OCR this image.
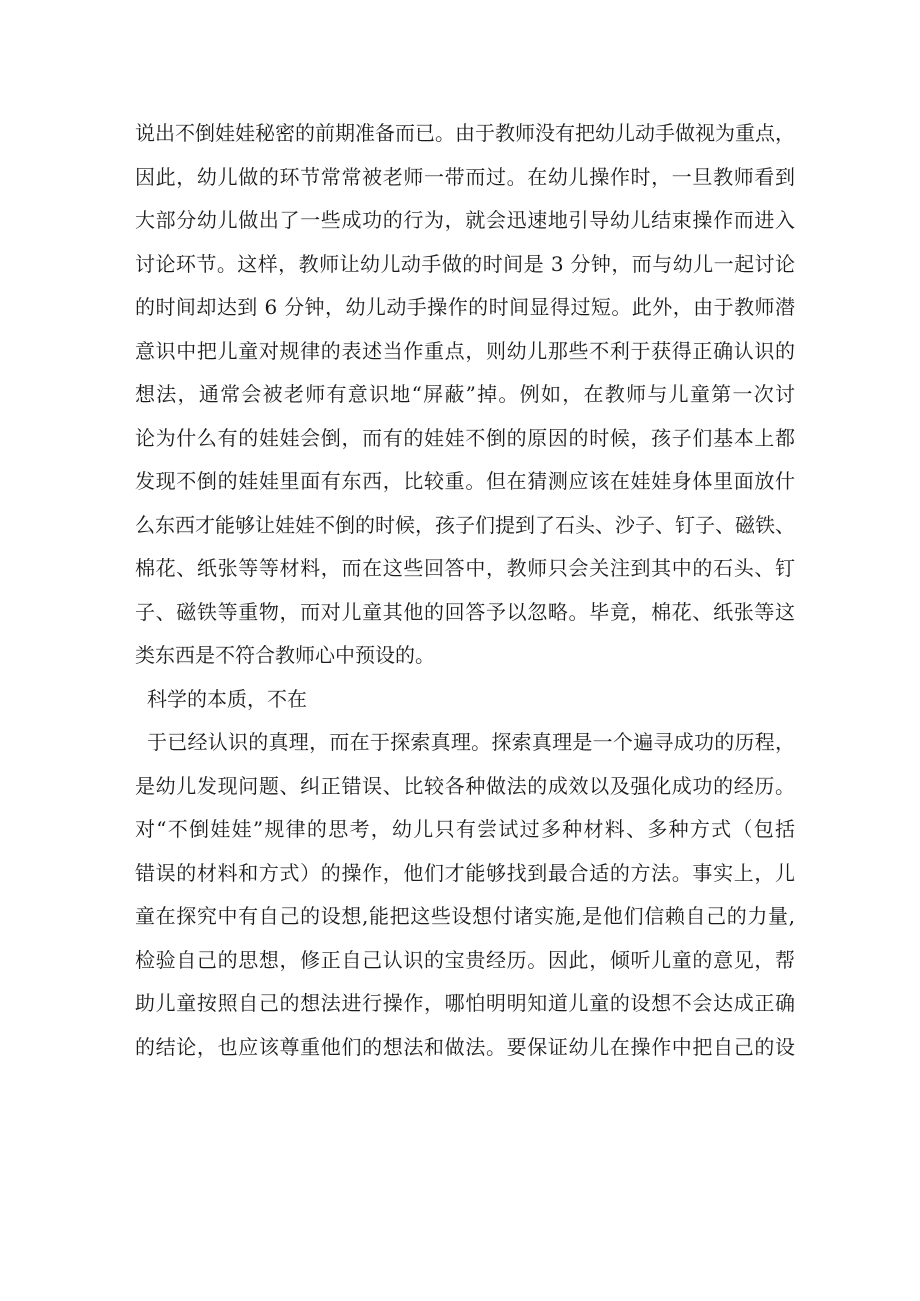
说出不倒娃娃秘密的前期准备而已。由于教师没有把幼儿动手做视为重点，
因此，幼儿做的环节常常被老师一带而过。在幼儿操作时，一旦教师看到
大部分幼儿做出了一些成功的行为，就会迅速地引导幼儿结束操作而进入
讨论环节。这样，教师让幼儿动手做的时间是 3 分钟，而与幼儿一起讨论
的时间却达到 6 分钟，幼儿动手操作的时间显得过短。此外，由于教师潜
意识中把儿童对规律的表述当作重点，则幼儿那些不利于获得正确认识的
想法，通常会被老师有意识地“屏蔽”掉。例如，在教师与儿童第一次讨
论为什么有的娃娃会倒，而有的娃娃不倒的原因的时候，孩子们基本上都
发现不倒的娃娃里面有东西，比较重。但在猜测应该在娃娃身体里面放什
么东西才能够让娃娃不倒的时候，孩子们提到了石头、沙子、钉子、磁铁、
棉花、纸张等等材料，而在这些回答中，教师只会关注到其中的石头、钉
子、磁铁等重物，而对儿童其他的回答予以忽略。毕竟，棉花、纸张等这
类东西是不符合教师心中预设的。
科学的本质，不在
于已经认识的真理，而在于探索真理。探索真理是一个遍寻成功的历程，
是幼儿发现问题、纠正错误、比较各种做法的成效以及强化成功的经历。
对“不倒娃娃”规律的思考，幼儿只有尝试过多种材料、多种方式（包括
错误的材料和方式）的操作，他们才能够找到最合适的方法。事实上，儿
童在探究中有自己的设想,能把这些设想付诸实施,是他们信赖自己的力量,
检验自己的思想，修正自己认识的宝贵经历。因此，倾听儿童的意见，帮
助儿童按照自己的想法进行操作，哪怕明明知道儿童的设想不会达成正确
的结论，也应该尊重他们的想法和做法。要保证幼儿在操作中把自己的设
